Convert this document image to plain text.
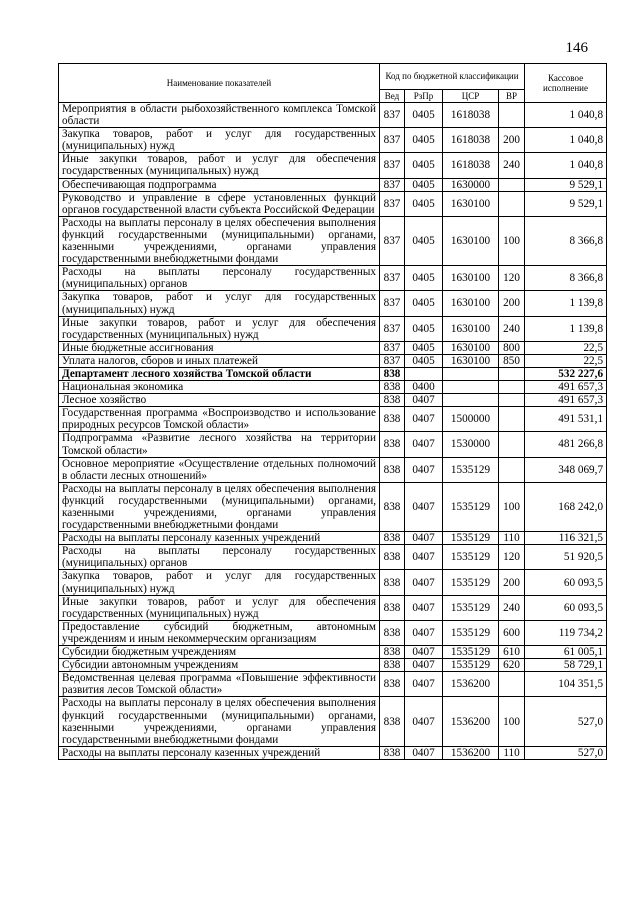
146
Наименование показателей	Код по бюджетной классификации				Кассовое исполнение
	Вед	РзПр	ЦСР	ВР	
Мероприятия в области рыбохозяйственного комплекса Томской области	837	0405	1618038		1 040,8
Закупка товаров, работ и услуг для государственных (муниципальных) нужд	837	0405	1618038	200	1 040,8
Иные закупки товаров, работ и услуг для обеспечения государственных (муниципальных) нужд	837	0405	1618038	240	1 040,8
Обеспечивающая подпрограмма	837	0405	1630000		9 529,1
Руководство и управление в сфере установленных функций органов государственной власти субъекта Российской Федерации	837	0405	1630100		9 529,1
Расходы на выплаты персоналу в целях обеспечения выполнения функций государственными (муниципальными) органами, казенными учреждениями, органами управления государственными внебюджетными фондами	837	0405	1630100	100	8 366,8
Расходы на выплаты персоналу государственных (муниципальных) органов	837	0405	1630100	120	8 366,8
Закупка товаров, работ и услуг для государственных (муниципальных) нужд	837	0405	1630100	200	1 139,8
Иные закупки товаров, работ и услуг для обеспечения государственных (муниципальных) нужд	837	0405	1630100	240	1 139,8
Иные бюджетные ассигнования	837	0405	1630100	800	22,5
Уплата налогов, сборов и иных платежей	837	0405	1630100	850	22,5
Департамент лесного хозяйства Томской области	838				532 227,6
Национальная экономика	838	0400			491 657,3
Лесное хозяйство	838	0407			491 657,3
Государственная программа «Воспроизводство и использование природных ресурсов Томской области»	838	0407	1500000		491 531,1
Подпрограмма «Развитие лесного хозяйства на территории Томской области»	838	0407	1530000		481 266,8
Основное мероприятие «Осуществление отдельных полномочий в области лесных отношений»	838	0407	1535129		348 069,7
Расходы на выплаты персоналу в целях обеспечения выполнения функций государственными (муниципальными) органами, казенными учреждениями, органами управления государственными внебюджетными фондами	838	0407	1535129	100	168 242,0
Расходы на выплаты персоналу казенных учреждений	838	0407	1535129	110	116 321,5
Расходы на выплаты персоналу государственных (муниципальных) органов	838	0407	1535129	120	51 920,5
Закупка товаров, работ и услуг для государственных (муниципальных) нужд	838	0407	1535129	200	60 093,5
Иные закупки товаров, работ и услуг для обеспечения государственных (муниципальных) нужд	838	0407	1535129	240	60 093,5
Предоставление субсидий бюджетным, автономным учреждениям и иным некоммерческим организациям	838	0407	1535129	600	119 734,2
Субсидии бюджетным учреждениям	838	0407	1535129	610	61 005,1
Субсидии автономным учреждениям	838	0407	1535129	620	58 729,1
Ведомственная целевая программа «Повышение эффективности развития лесов Томской области»	838	0407	1536200		104 351,5
Расходы на выплаты персоналу в целях обеспечения выполнения функций государственными (муниципальными) органами, казенными учреждениями, органами управления государственными внебюджетными фондами	838	0407	1536200	100	527,0
Расходы на выплаты персоналу казенных учреждений	838	0407	1536200	110	527,0
